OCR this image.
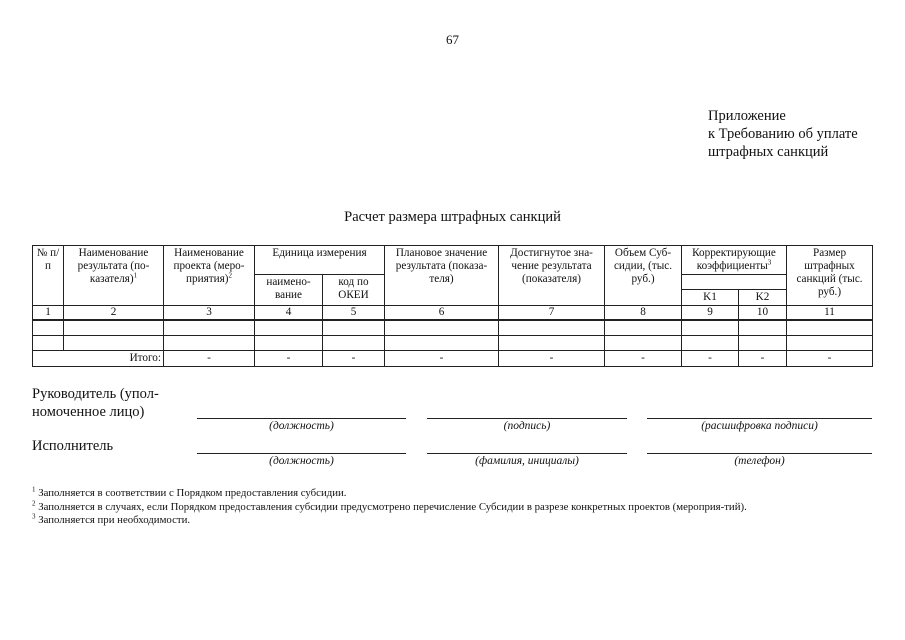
67
Приложение
к Требованию об уплате
штрафных санкций
Расчет размера штрафных санкций
№ п/п	Наименование результата (по-казателя)$^1$	Наименование проекта (меро-приятия)$^2$	Единица измерения		Плановое значение результата (показа-теля)	Достигнутое зна-чение результата (показателя)	Объем Суб-сидии, (тыс. руб.)	Корректирующие коэффициенты$^3$		Размер штрафных санкций (тыс. руб.)
			наимено-вание	код по ОКЕИ						
								K1	K2	
1	2	3	4	5	6	7	8	9	10	11

Итого:		-	-	-	-	-	-	-	-	-
Руководитель (упол-номоченное лицо)
(должность)	(подпись)	(расшифровка подписи)
Исполнитель
(должность)	(фамилия, инициалы)	(телефон)
$^1$ Заполняется в соответствии с Порядком предоставления субсидии.
$^2$ Заполняется в случаях, если Порядком предоставления субсидии предусмотрено перечисление Субсидии в разрезе конкретных проектов (мероприя-тий).
$^3$ Заполняется при необходимости.
